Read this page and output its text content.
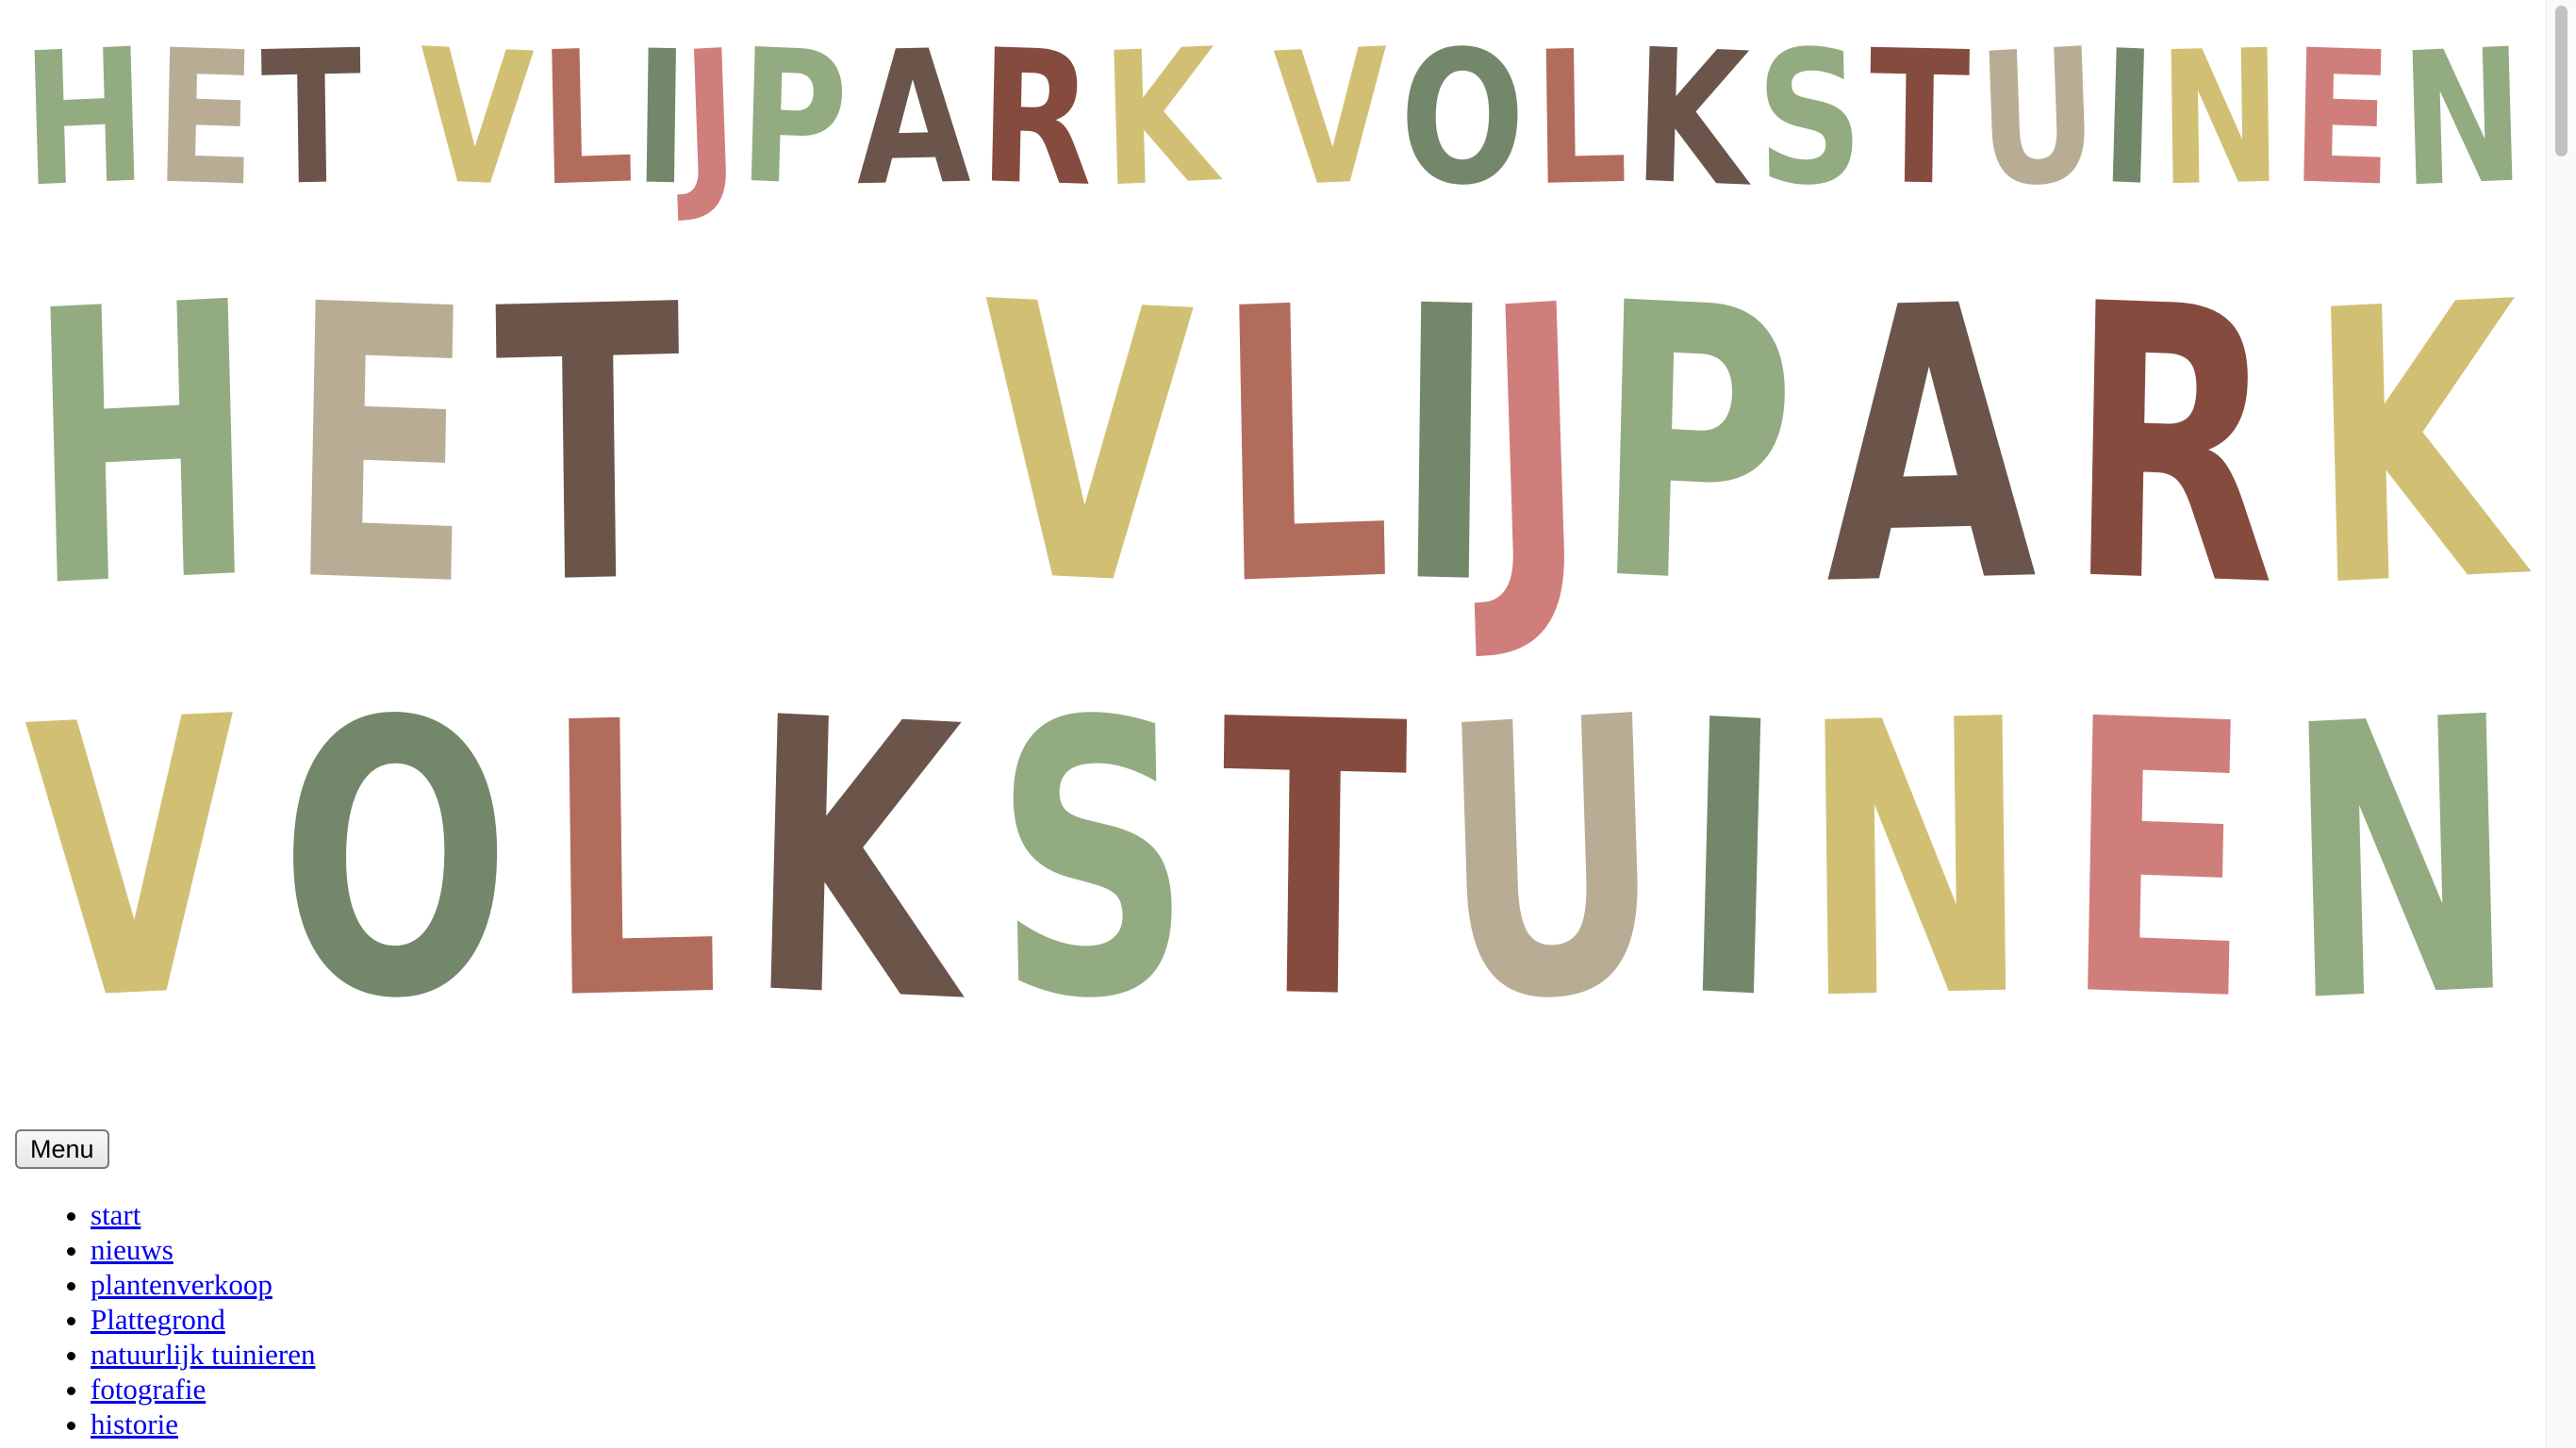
H E T V L
I
J
P A R K V O L K S T U
I
N E N
H E T V L
I
J
P A R K
V O L K S T U I N E N
Menu
• start
• nieuws
• plantenverkoop
• Plattegrond
• natuurlijk tuinieren
• fotografie
• historie
